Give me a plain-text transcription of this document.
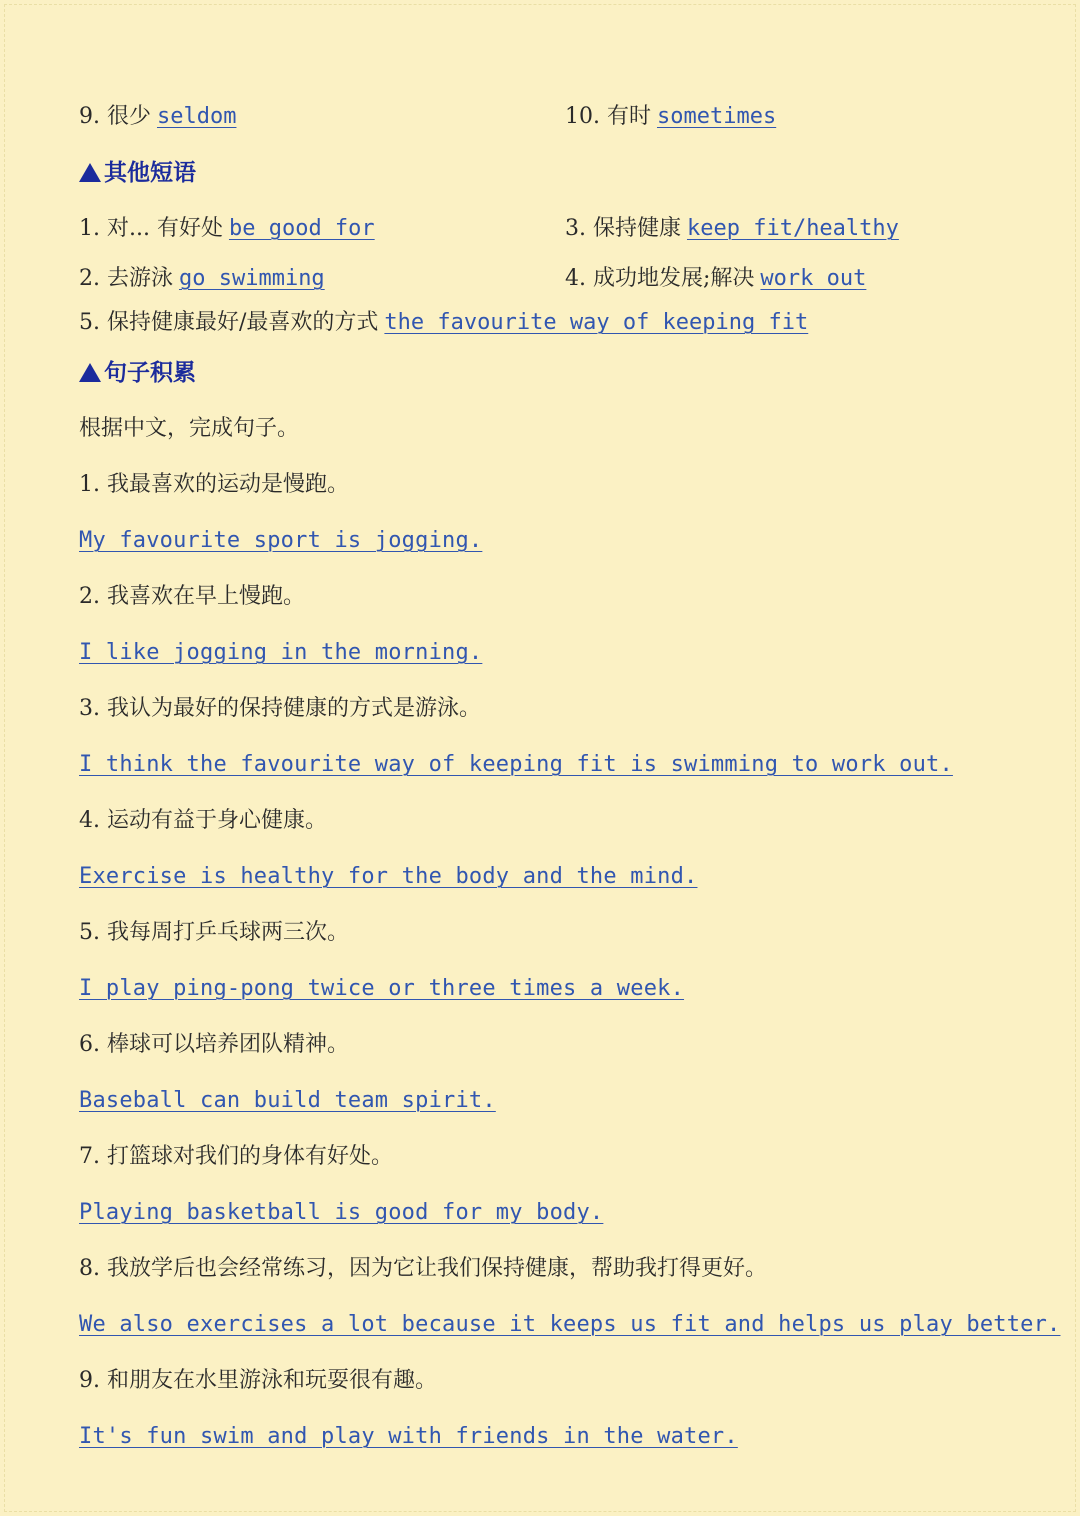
9. 很少 seldom	10. 有时 sometimes
其他短语
1. 对... 有好处 be good for	3. 保持健康 keep fit/healthy
2. 去游泳 go swimming	4. 成功地发展;解决 work out
5. 保持健康最好/最喜欢的方式 the favourite way of keeping fit
句子积累
根据中文，完成句子。
1. 我最喜欢的运动是慢跑。
My favourite sport is jogging.
2. 我喜欢在早上慢跑。
I like jogging in the morning.
3. 我认为最好的保持健康的方式是游泳。
I think the favourite way of keeping fit is swimming to work out.
4. 运动有益于身心健康。
Exercise is healthy for the body and the mind.
5. 我每周打乒乓球两三次。
I play ping-pong twice or three times a week.
6. 棒球可以培养团队精神。
Baseball can build team spirit.
7. 打篮球对我们的身体有好处。
Playing basketball is good for my body.
8. 我放学后也会经常练习，因为它让我们保持健康，帮助我打得更好。
We also exercises a lot because it keeps us fit and helps us play better.
9. 和朋友在水里游泳和玩耍很有趣。
It's fun swim and play with friends in the water.
